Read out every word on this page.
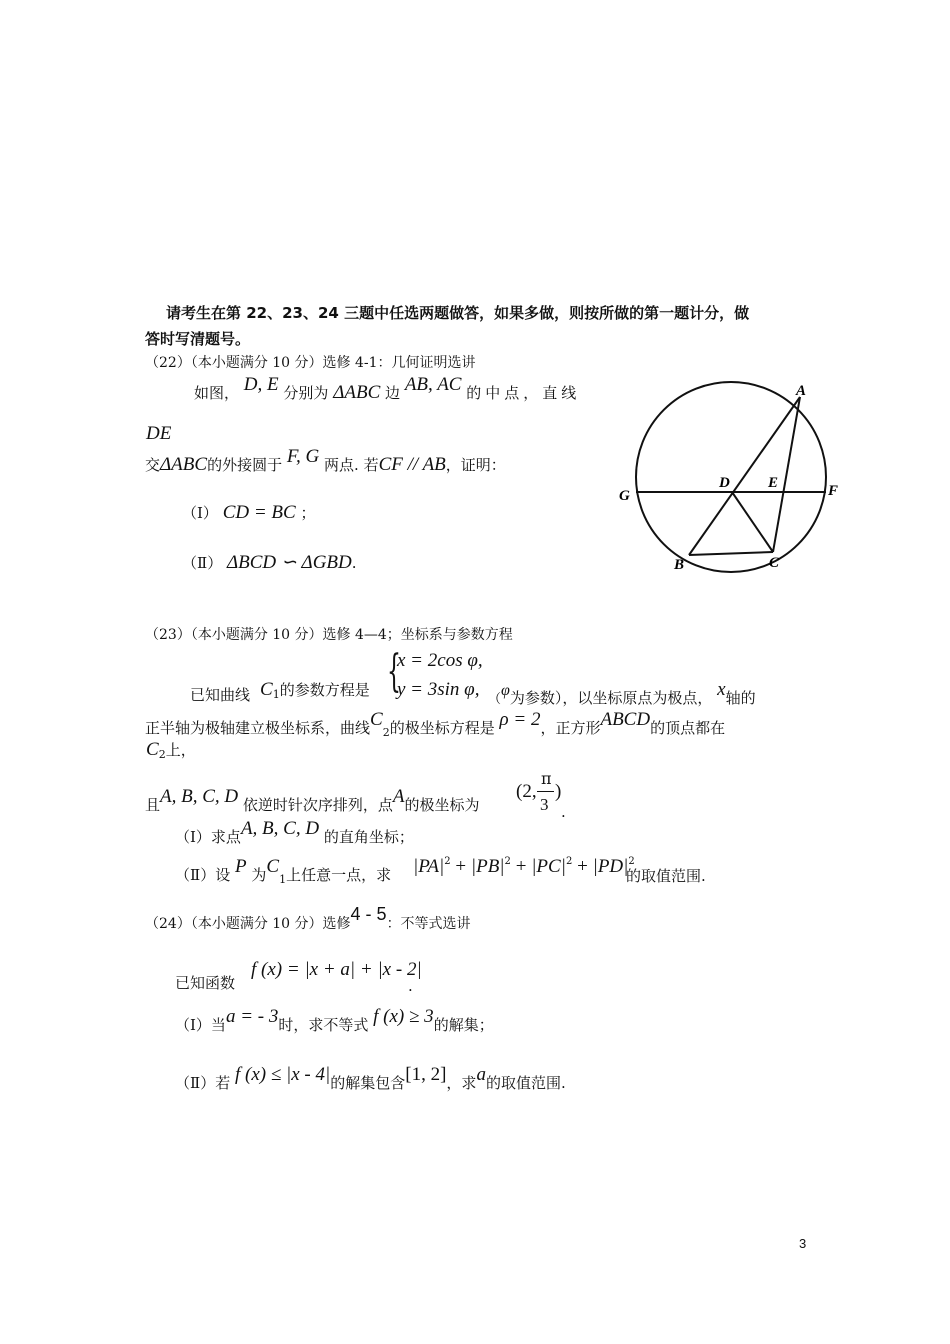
请考生在第 22、23、24 三题中任选两题做答，如果多做，则按所做的第一题计分，做
答时写清题号。
（22）（本小题满分 10 分）选修 4-1：几何证明选讲
如图， D, E 分别为 ΔABC 边 AB, AC 的中点，直线
DE
交ΔABC的外接圆于 F, G 两点. 若CF // AB，证明：
（Ⅰ） CD = BC ；
（Ⅱ） ΔBCD ∽ ΔGBD.
A
B	C
D	E	F
G
（23）（本小题满分 10 分）选修 4—4；坐标系与参数方程
{
x = 2cos φ,
y = 3sin φ,
已知曲线 $C_1$的参数方程是
（φ为参数），以坐标原点为极点， x轴的
正半轴为极轴建立极坐标系，曲线$C_2$的极坐标方程是 ρ = 2，正方形ABCD的顶点都在
$C_2$上，
且A, B, C, D 依逆时针次序排列，点A的极坐标为
(2,
π
3
)
.
（Ⅰ）求点A, B, C, D 的直角坐标；
（Ⅱ）设 P 为$C_1$上任意一点，求 $|PA|^2 + |PB|^2 + |PC|^2 + |PD|^2$
的取值范围.
（24）（本小题满分 10 分）选修4 - 5：不等式选讲
已知函数
f (x) = |x + a| + |x - 2|
.
（Ⅰ）当a = - 3时，求不等式 f (x) ≥ 3的解集；
（Ⅱ）若 f (x) ≤ |x - 4|的解集包含[1, 2]，求a的取值范围.
3
